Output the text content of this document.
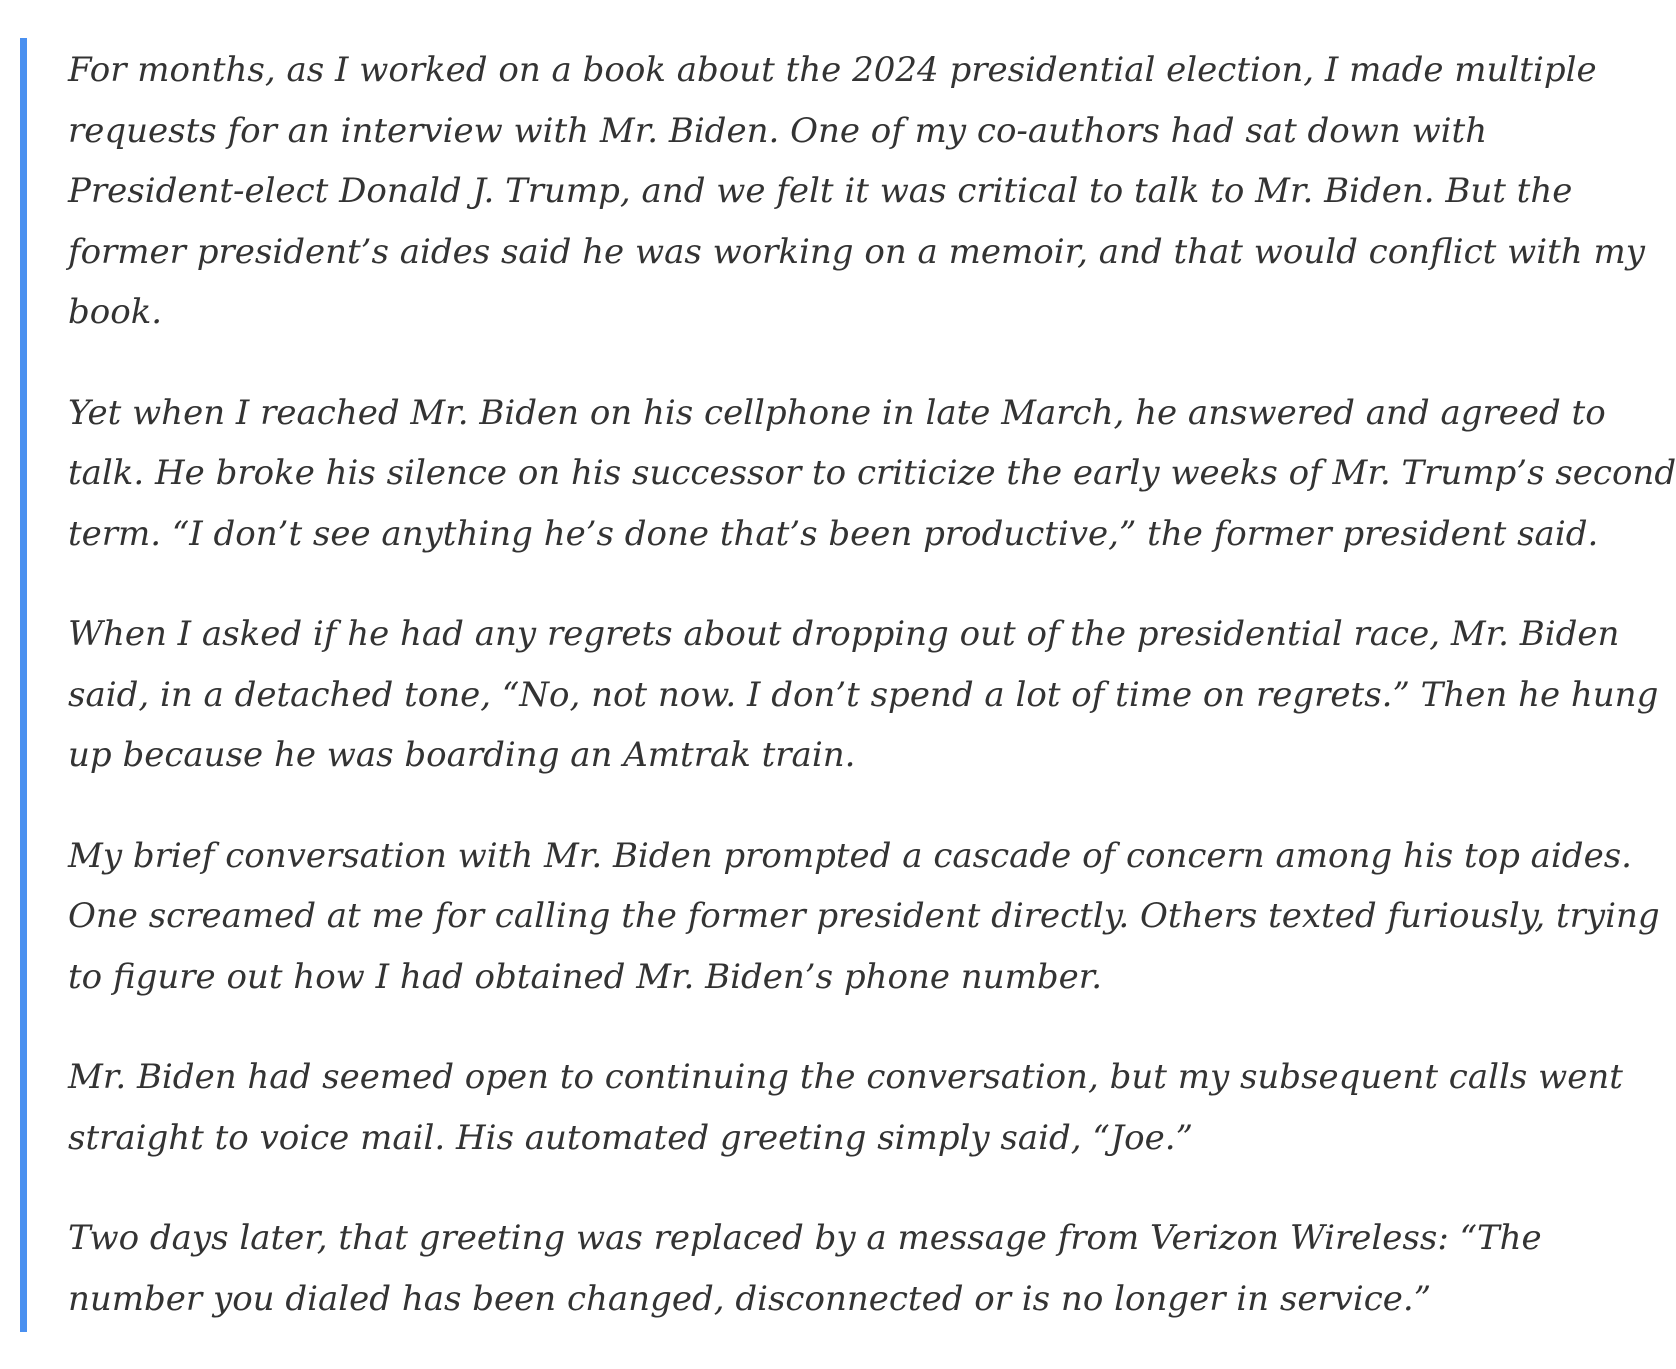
For months, as I worked on a book about the 2024 presidential election, I made multiple
requests for an interview with Mr. Biden. One of my co-authors had sat down with
President-elect Donald J. Trump, and we felt it was critical to talk to Mr. Biden. But the
former president’s aides said he was working on a memoir, and that would conflict with my
book.

Yet when I reached Mr. Biden on his cellphone in late March, he answered and agreed to
talk. He broke his silence on his successor to criticize the early weeks of Mr. Trump’s second
term. “I don’t see anything he’s done that’s been productive,” the former president said.

When I asked if he had any regrets about dropping out of the presidential race, Mr. Biden
said, in a detached tone, “No, not now. I don’t spend a lot of time on regrets.” Then he hung
up because he was boarding an Amtrak train.

My brief conversation with Mr. Biden prompted a cascade of concern among his top aides.
One screamed at me for calling the former president directly. Others texted furiously, trying
to figure out how I had obtained Mr. Biden’s phone number.

Mr. Biden had seemed open to continuing the conversation, but my subsequent calls went
straight to voice mail. His automated greeting simply said, “Joe.”

Two days later, that greeting was replaced by a message from Verizon Wireless: “The
number you dialed has been changed, disconnected or is no longer in service.”
